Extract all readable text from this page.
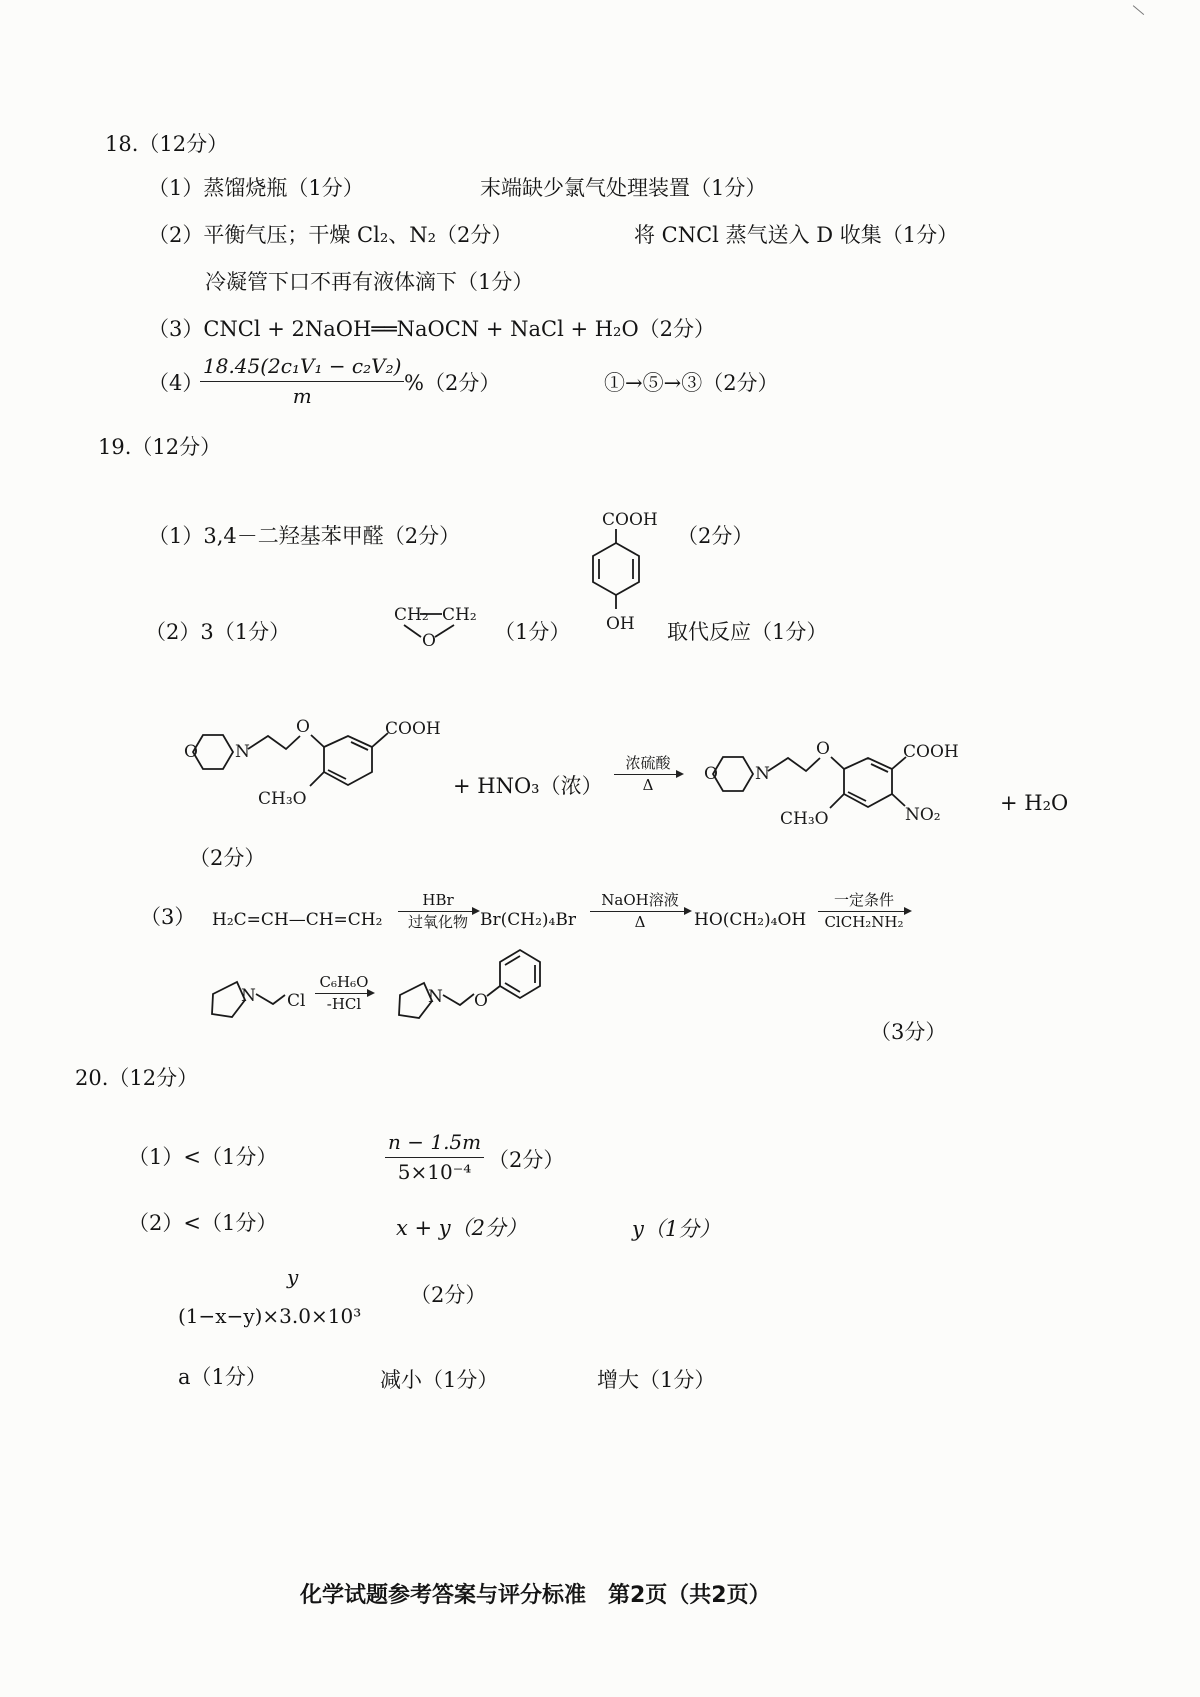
18.（12分）
（1）蒸馏烧瓶（1分）	末端缺少氯气处理装置（1分）
（2）平衡气压；干燥 Cl₂、N₂（2分）	将 CNCl 蒸气送入 D 收集（1分）
冷凝管下口不再有液体滴下（1分）
（3）CNCl + 2NaOH══NaOCN + NaCl + H₂O（2分）
（4）
$\frac{\text{18.45(2c₁V₁ − c₂V₂)}}{m} \%(2$分）	①→⑤→③（2分）
19.（12分）
（1）3,4－二羟基苯甲醛（2分）
COOH
OH
（2分）
（2）3（1分）
CH₂ CH₂
O	（1分）	取代反应（1分）
O N
O	COOH
CH₃O
+ HNO₃（浓）
浓硫酸
Δ
O N
O	COOH
NO₂
CH₃O
+ H₂O
（2分）
（3） H₂C=CH—CH=CH₂
HBr
过氧化物 Br(CH₂)₄Br
NaOH溶液
Δ	HO(CH₂)₄OH
一定条件
ClCH₂NH₂
N Cl
C₆H₆O
-HCl	N O
（3分）
20.（12分）
（1）<（1分）	$\frac{n - 1.5m}{\text{5×10⁻⁴}} (2$分）
（2）<（1分）	x + y（2分）	y（1分）
y
(1−x−y)×3.0×10³
（2分）
a（1分）	减小（1分）	增大（1分）
化学试题参考答案与评分标准　第2页（共2页）
